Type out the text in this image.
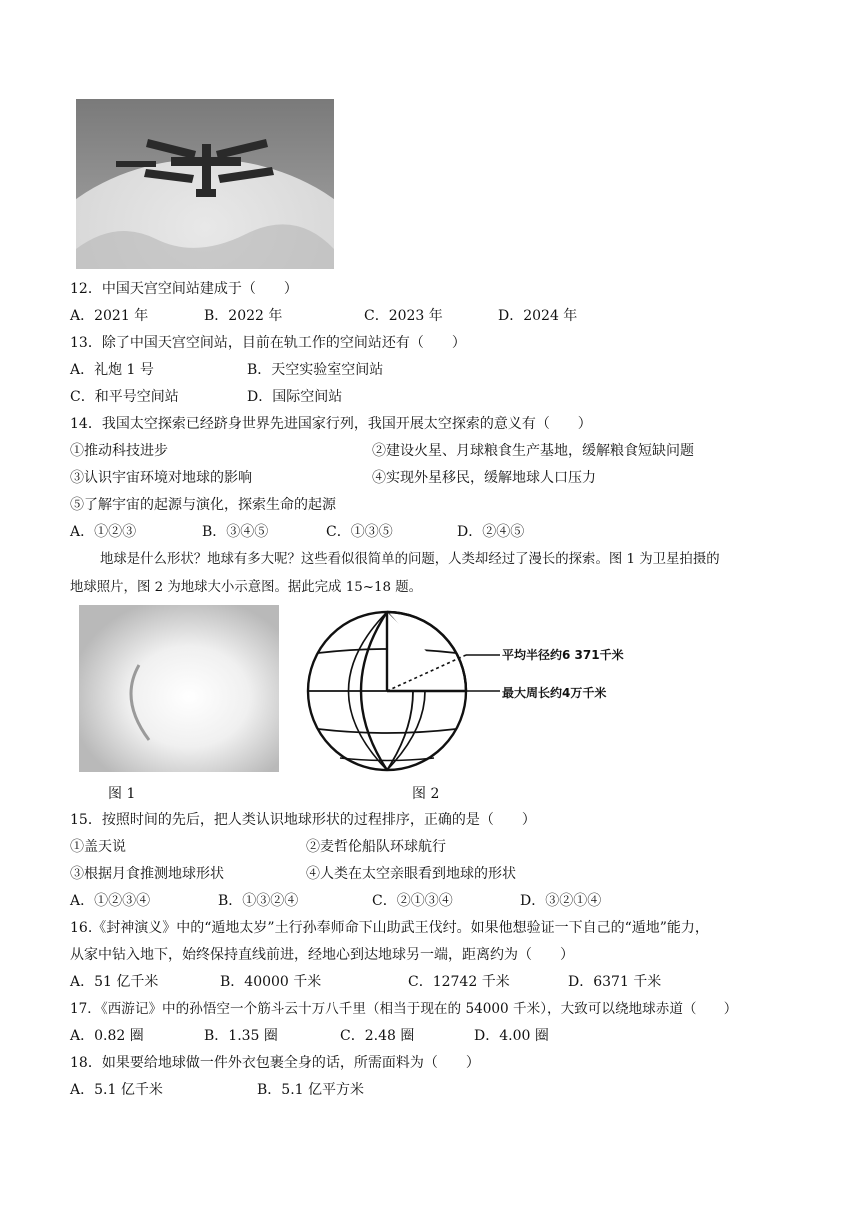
12．中国天宫空间站建成于（　　）
A．2021 年	B．2022 年	C．2023 年	D．2024 年
13．除了中国天宫空间站，目前在轨工作的空间站还有（　　）
A．礼炮 1 号	B．天空实验室空间站
C．和平号空间站	D．国际空间站
14．我国太空探索已经跻身世界先进国家行列，我国开展太空探索的意义有（　　）
①推动科技进步	②建设火星、月球粮食生产基地，缓解粮食短缺问题
③认识宇宙环境对地球的影响	④实现外星移民，缓解地球人口压力
⑤了解宇宙的起源与演化，探索生命的起源
A．①②③	B．③④⑤	C．①③⑤	D．②④⑤
地球是什么形状？地球有多大呢？这些看似很简单的问题，人类却经过了漫长的探索。图 1 为卫星拍摄的
地球照片，图 2 为地球大小示意图。据此完成 15~18 题。
平均半径约6 371千米
最大周长约4万千米
图 1	图 2
15．按照时间的先后，把人类认识地球形状的过程排序，正确的是（　　）
①盖天说	②麦哲伦船队环球航行
③根据月食推测地球形状	④人类在太空亲眼看到地球的形状
A．①②③④	B．①③②④	C．②①③④	D．③②①④
16.《封神演义》中的“遁地太岁”土行孙奉师命下山助武王伐纣。如果他想验证一下自己的“遁地”能力，
从家中钻入地下，始终保持直线前进，经地心到达地球另一端，距离约为（　　）
A．51 亿千米	B．40000 千米	C．12742 千米	D．6371 千米
17．《西游记》中的孙悟空一个筋斗云十万八千里（相当于现在的 54000 千米），大致可以绕地球赤道（　　）
A．0.82 圈	B．1.35 圈	C．2.48 圈	D．4.00 圈
18．如果要给地球做一件外衣包裹全身的话，所需面料为（　　）
A．5.1 亿千米	B．5.1 亿平方米
